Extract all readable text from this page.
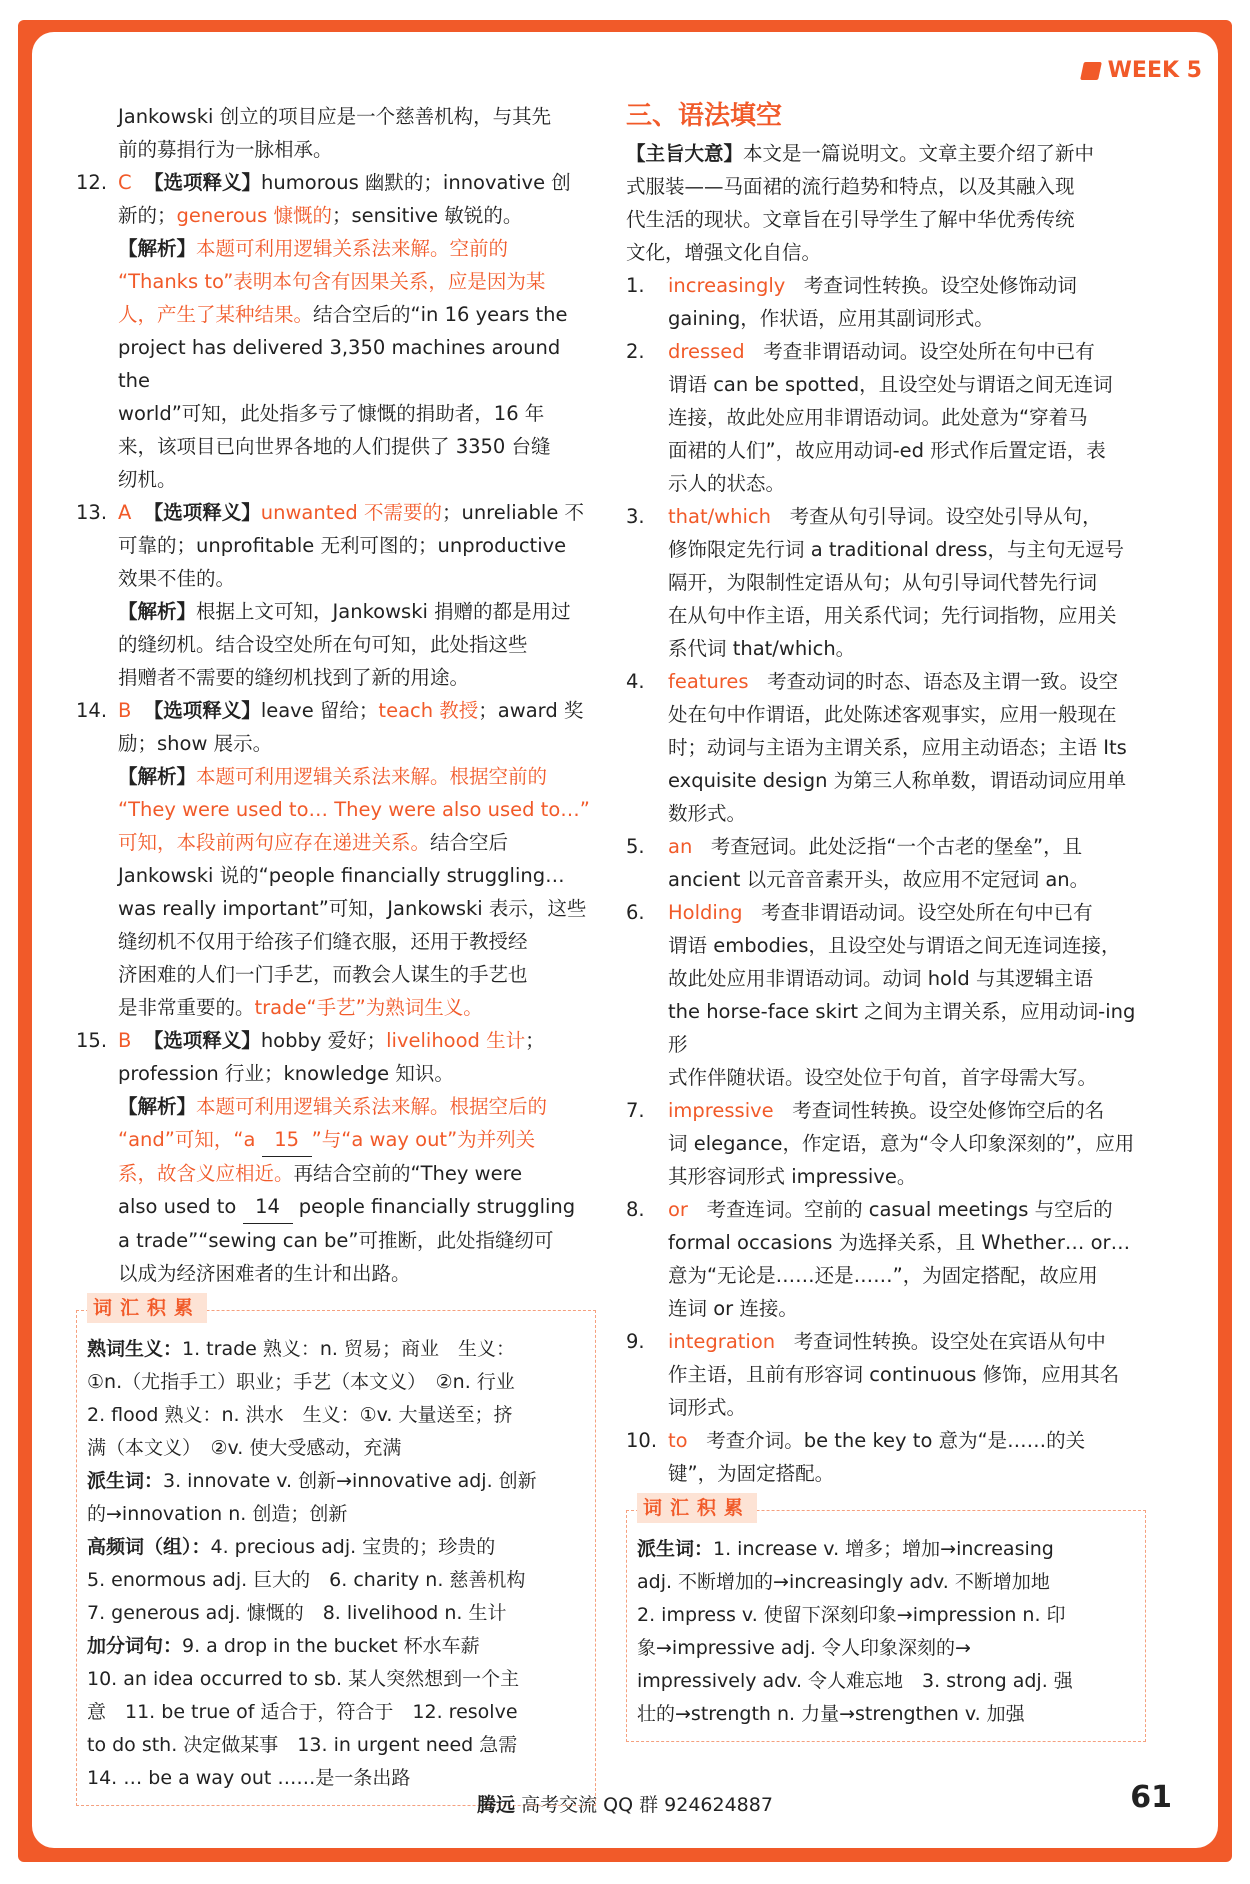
WEEK 5
Jankowski 创立的项目应是一个慈善机构，与其先
前的募捐行为一脉相承。
12. C 【选项释义】humorous 幽默的；innovative 创
新的；generous 慷慨的；sensitive 敏锐的。
【解析】本题可利用逻辑关系法来解。空前的
“Thanks to”表明本句含有因果关系，应是因为某
人，产生了某种结果。结合空后的“in 16 years the
project has delivered 3,350 machines around the
world”可知，此处指多亏了慷慨的捐助者，16 年
来，该项目已向世界各地的人们提供了 3350 台缝
纫机。
13. A 【选项释义】unwanted 不需要的；unreliable 不
可靠的；unprofitable 无利可图的；unproductive
效果不佳的。
【解析】根据上文可知，Jankowski 捐赠的都是用过
的缝纫机。结合设空处所在句可知，此处指这些
捐赠者不需要的缝纫机找到了新的用途。
14. B 【选项释义】leave 留给；teach 教授；award 奖
励；show 展示。
【解析】本题可利用逻辑关系法来解。根据空前的
“They were used to… They were also used to…”
可知，本段前两句应存在递进关系。结合空后
Jankowski 说的“people financially struggling…
was really important”可知，Jankowski 表示，这些
缝纫机不仅用于给孩子们缝衣服，还用于教授经
济困难的人们一门手艺，而教会人谋生的手艺也
是非常重要的。trade“手艺”为熟词生义。
15. B 【选项释义】hobby 爱好；livelihood 生计；
profession 行业；knowledge 知识。
【解析】本题可利用逻辑关系法来解。根据空后的
“and”可知，“a 15 ”与“a way out”为并列关
系，故含义应相近。再结合空前的“They were
also used to 14 people financially struggling
a trade”“sewing can be”可推断，此处指缝纫可
以成为经济困难者的生计和出路。
词汇积累
熟词生义：1. trade 熟义：n. 贸易；商业　生义：
①n.（尤指手工）职业；手艺（本文义）　②n. 行业
2. flood 熟义：n. 洪水　生义：①v. 大量送至；挤
满（本文义）　②v. 使大受感动，充满
派生词：3. innovate v. 创新→innovative adj. 创新
的→innovation n. 创造；创新
高频词（组）：4. precious adj. 宝贵的；珍贵的
5. enormous adj. 巨大的　6. charity n. 慈善机构
7. generous adj. 慷慨的　8. livelihood n. 生计
加分词句：9. a drop in the bucket 杯水车薪
10. an idea occurred to sb. 某人突然想到一个主
意　11. be true of 适合于，符合于　12. resolve
to do sth. 决定做某事　13. in urgent need 急需
14. … be a way out ……是一条出路
三、语法填空
【主旨大意】本文是一篇说明文。文章主要介绍了新中
式服装——马面裙的流行趋势和特点，以及其融入现
代生活的现状。文章旨在引导学生了解中华优秀传统
文化，增强文化自信。
1. increasingly 考查词性转换。设空处修饰动词
gaining，作状语，应用其副词形式。
2. dressed 考查非谓语动词。设空处所在句中已有
谓语 can be spotted，且设空处与谓语之间无连词
连接，故此处应用非谓语动词。此处意为“穿着马
面裙的人们”，故应用动词-ed 形式作后置定语，表
示人的状态。
3. that/which 考查从句引导词。设空处引导从句，
修饰限定先行词 a traditional dress，与主句无逗号
隔开，为限制性定语从句；从句引导词代替先行词
在从句中作主语，用关系代词；先行词指物，应用关
系代词 that/which。
4. features 考查动词的时态、语态及主谓一致。设空
处在句中作谓语，此处陈述客观事实，应用一般现在
时；动词与主语为主谓关系，应用主动语态；主语 Its
exquisite design 为第三人称单数，谓语动词应用单
数形式。
5. an 考查冠词。此处泛指“一个古老的堡垒”，且
ancient 以元音音素开头，故应用不定冠词 an。
6. Holding 考查非谓语动词。设空处所在句中已有
谓语 embodies，且设空处与谓语之间无连词连接，
故此处应用非谓语动词。动词 hold 与其逻辑主语
the horse-face skirt 之间为主谓关系，应用动词-ing 形
式作伴随状语。设空处位于句首，首字母需大写。
7. impressive 考查词性转换。设空处修饰空后的名
词 elegance，作定语，意为“令人印象深刻的”，应用
其形容词形式 impressive。
8. or 考查连词。空前的 casual meetings 与空后的
formal occasions 为选择关系，且 Whether… or…
意为“无论是……还是……”，为固定搭配，故应用
连词 or 连接。
9. integration 考查词性转换。设空处在宾语从句中
作主语，且前有形容词 continuous 修饰，应用其名
词形式。
10. to 考查介词。be the key to 意为“是……的关
键”，为固定搭配。
词汇积累
派生词：1. increase v. 增多；增加→increasing
adj. 不断增加的→increasingly adv. 不断增加地
2. impress v. 使留下深刻印象→impression n. 印
象→impressive adj. 令人印象深刻的→
impressively adv. 令人难忘地　3. strong adj. 强
壮的→strength n. 力量→strengthen v. 加强
腾远 高考交流 QQ 群 924624887	61
